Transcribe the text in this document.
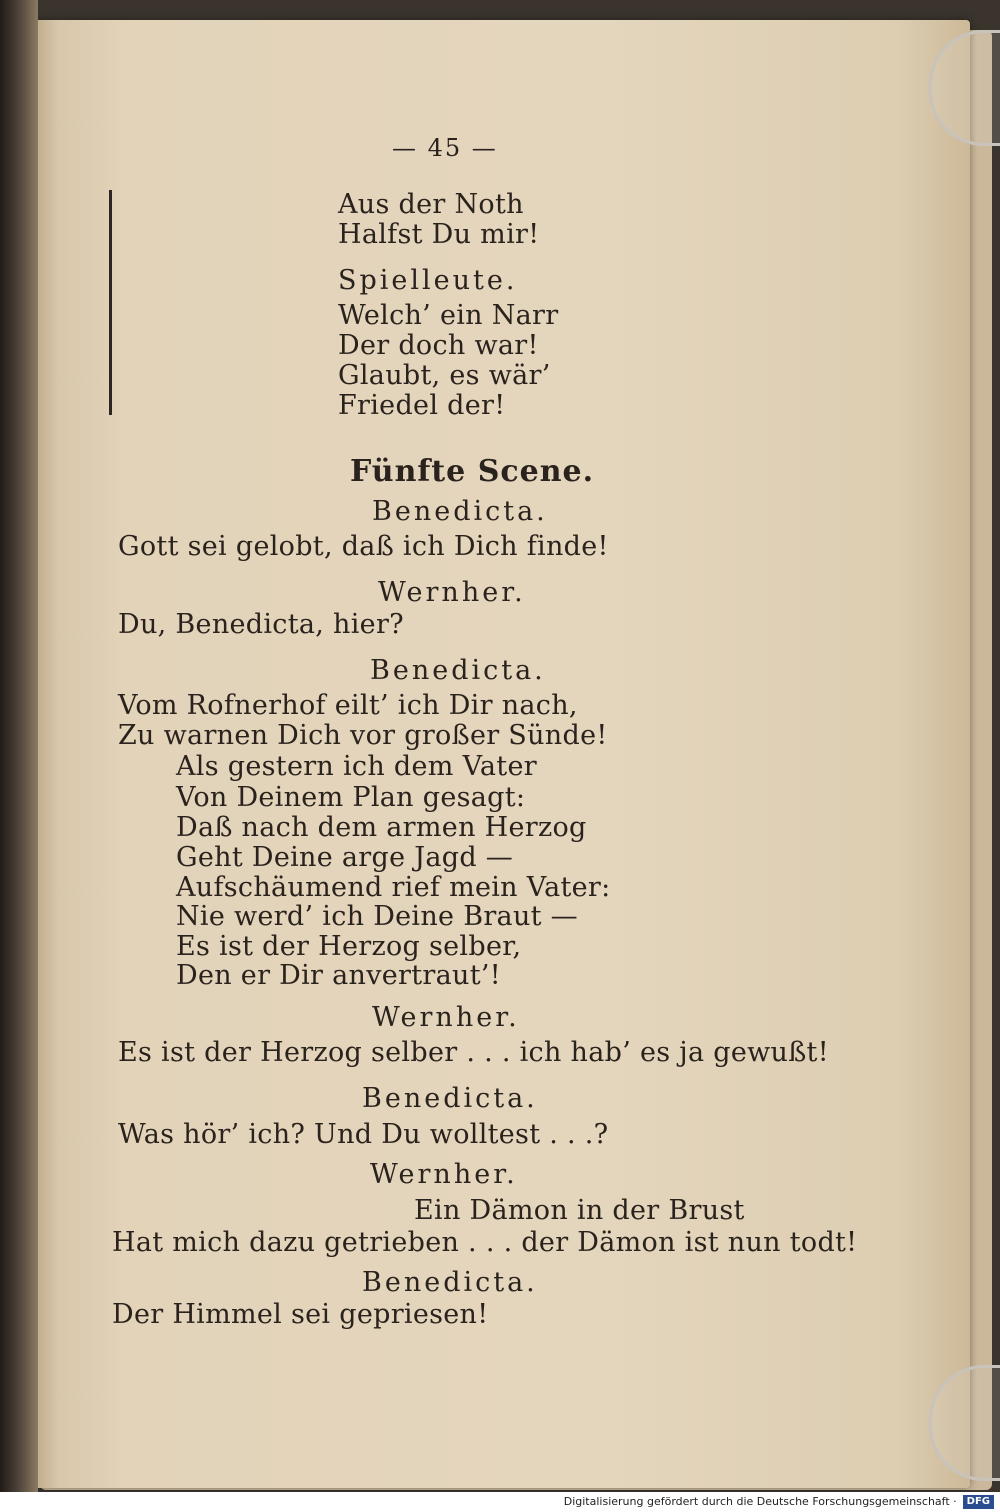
— 45 —
Aus der Noth
Halfst Du mir!
Spielleute.
Welch’ ein Narr
Der doch war!
Glaubt, es wär’
Friedel der!
Fünfte Scene.
Benedicta.
Gott sei gelobt, daß ich Dich finde!
Wernher.
Du, Benedicta, hier?
Benedicta.
Vom Rofnerhof eilt’ ich Dir nach,
Zu warnen Dich vor großer Sünde!
Als gestern ich dem Vater
Von Deinem Plan gesagt:
Daß nach dem armen Herzog
Geht Deine arge Jagd —
Aufschäumend rief mein Vater:
Nie werd’ ich Deine Braut —
Es ist der Herzog selber,
Den er Dir anvertraut’!
Wernher.
Es ist der Herzog selber . . . ich hab’ es ja gewußt!
Benedicta.
Was hör’ ich? Und Du wolltest . . .?
Wernher.
Ein Dämon in der Brust
Hat mich dazu getrieben . . . der Dämon ist nun todt!
Benedicta.
Der Himmel sei gepriesen!
Digitalisierung gefördert durch die Deutsche Forschungsgemeinschaft · DFG
